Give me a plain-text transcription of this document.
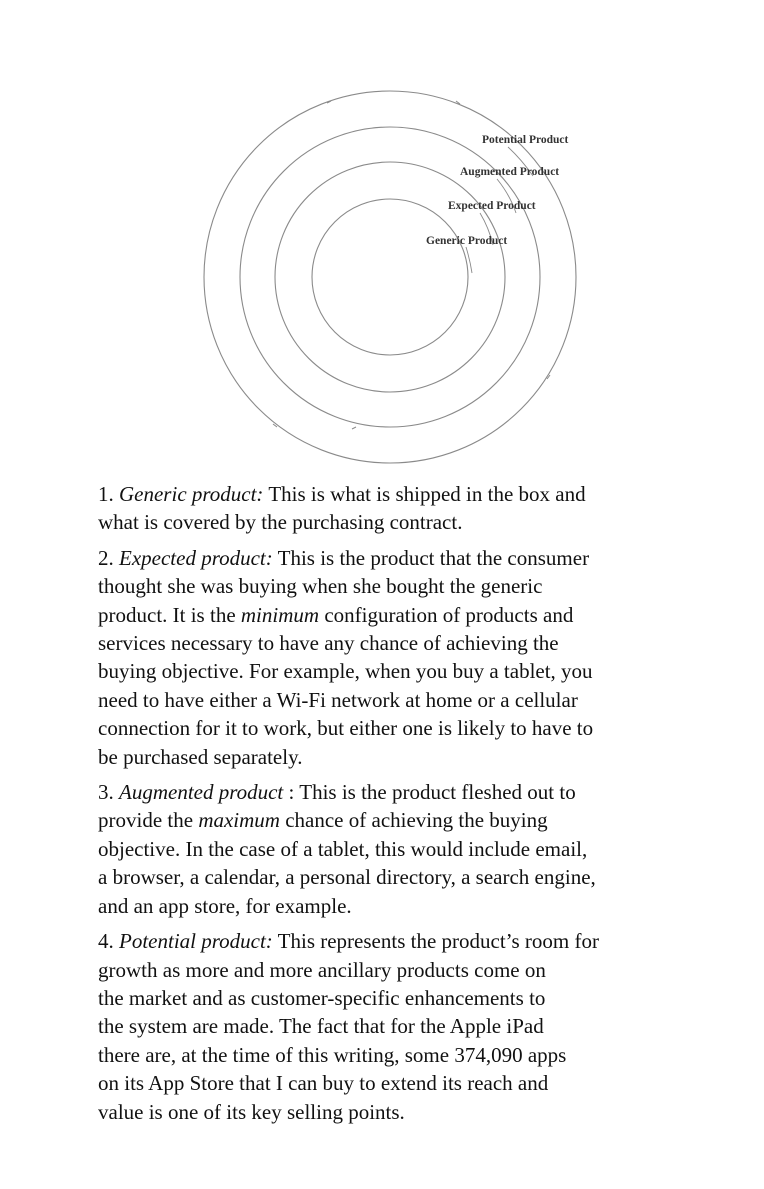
Potential Product
Augmented Product
Expected Product
Generic Product
1. Generic product: This is what is shipped in the box and
what is covered by the purchasing contract.
2. Expected product: This is the product that the consumer
thought she was buying when she bought the generic
product. It is the minimum configuration of products and
services necessary to have any chance of achieving the
buying objective. For example, when you buy a tablet, you
need to have either a Wi-Fi network at home or a cellular
connection for it to work, but either one is likely to have to
be purchased separately.
3. Augmented product : This is the product fleshed out to
provide the maximum chance of achieving the buying
objective. In the case of a tablet, this would include email,
a browser, a calendar, a personal directory, a search engine,
and an app store, for example.
4. Potential product: This represents the product’s room for
growth as more and more ancillary products come on
the market and as customer-specific enhancements to
the system are made. The fact that for the Apple iPad
there are, at the time of this writing, some 374,090 apps
on its App Store that I can buy to extend its reach and
value is one of its key selling points.
